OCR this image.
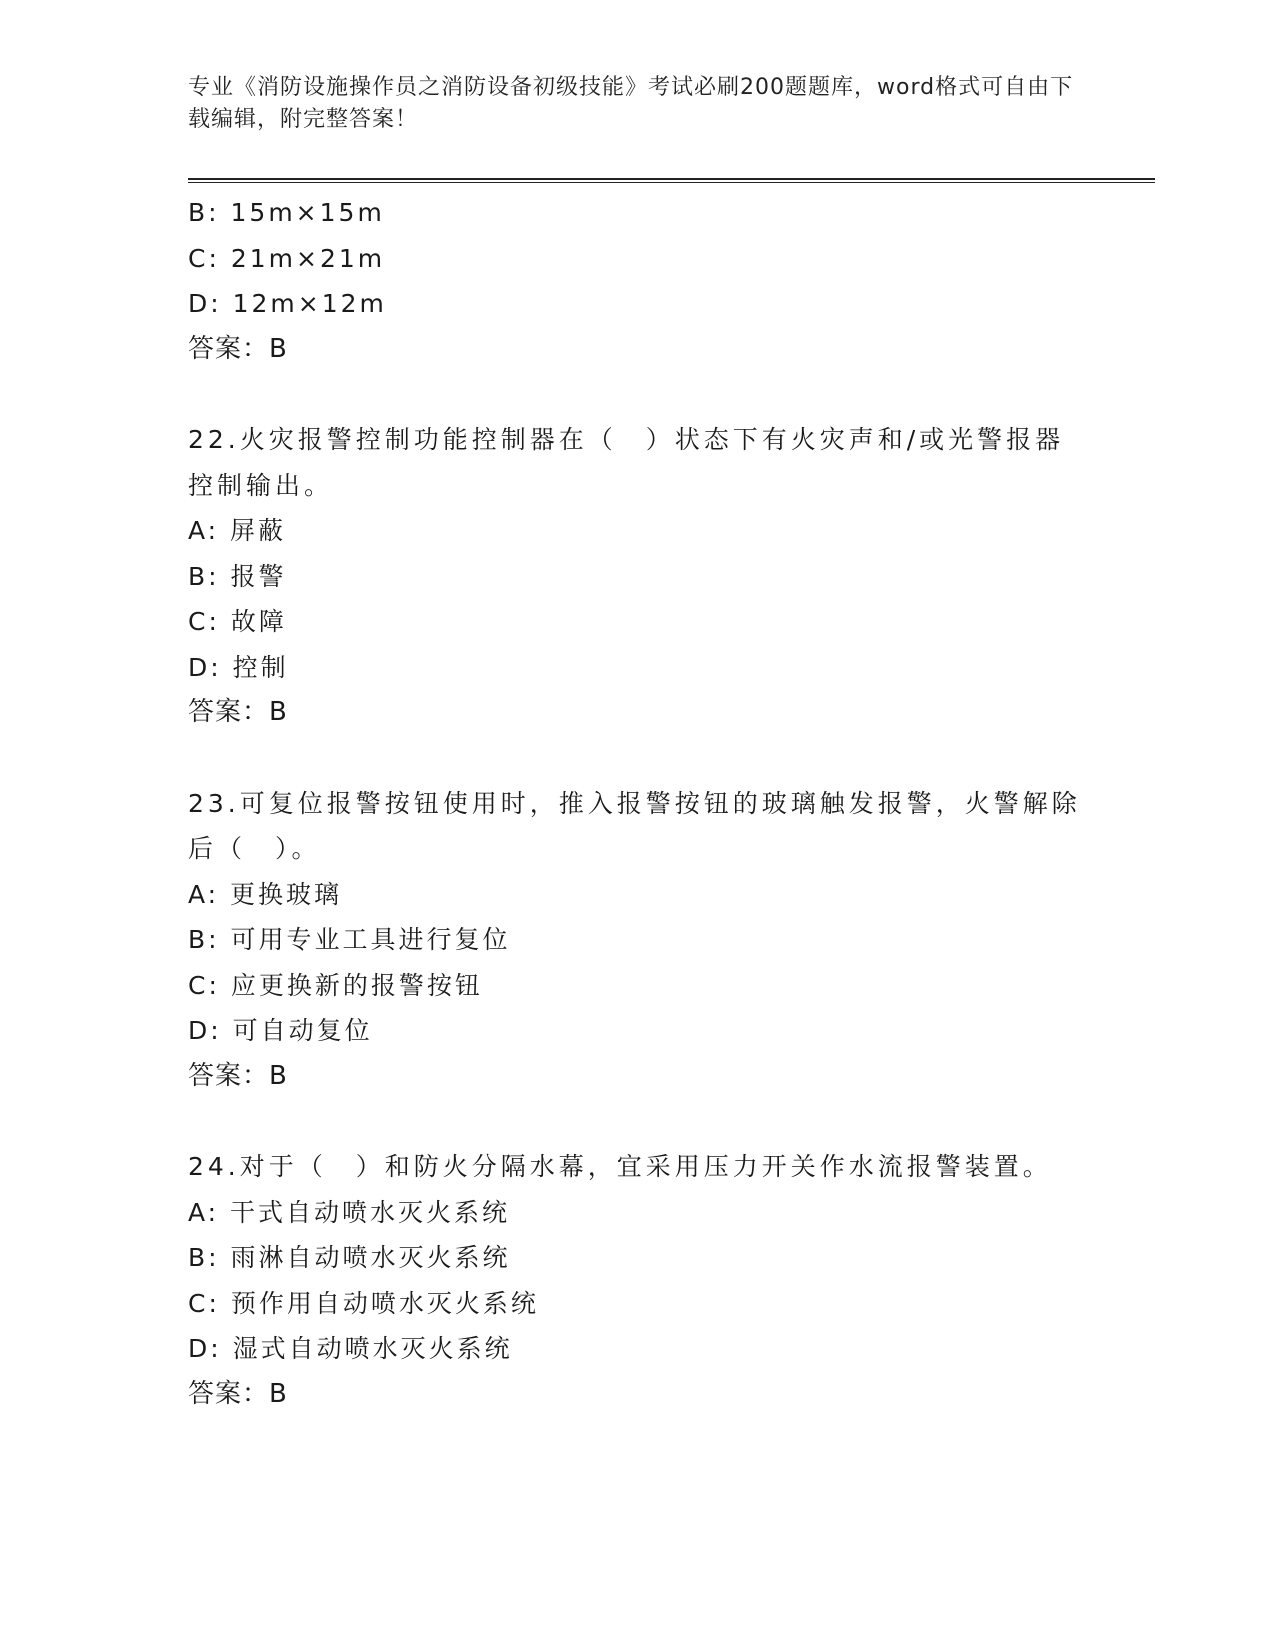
专业《消防设施操作员之消防设备初级技能》考试必刷200题题库，word格式可自由下载编辑，附完整答案！
B: 15m×15m
C: 21m×21m
D: 12m×12m
答案：B
22.火灾报警控制功能控制器在（　）状态下有火灾声和/或光警报器控制输出。
A: 屏蔽
B: 报警
C: 故障
D: 控制
答案：B
23.可复位报警按钮使用时，推入报警按钮的玻璃触发报警，火警解除后（　）。
A: 更换玻璃
B: 可用专业工具进行复位
C: 应更换新的报警按钮
D: 可自动复位
答案：B
24.对于（　）和防火分隔水幕，宜采用压力开关作水流报警装置。
A: 干式自动喷水灭火系统
B: 雨淋自动喷水灭火系统
C: 预作用自动喷水灭火系统
D: 湿式自动喷水灭火系统
答案：B
